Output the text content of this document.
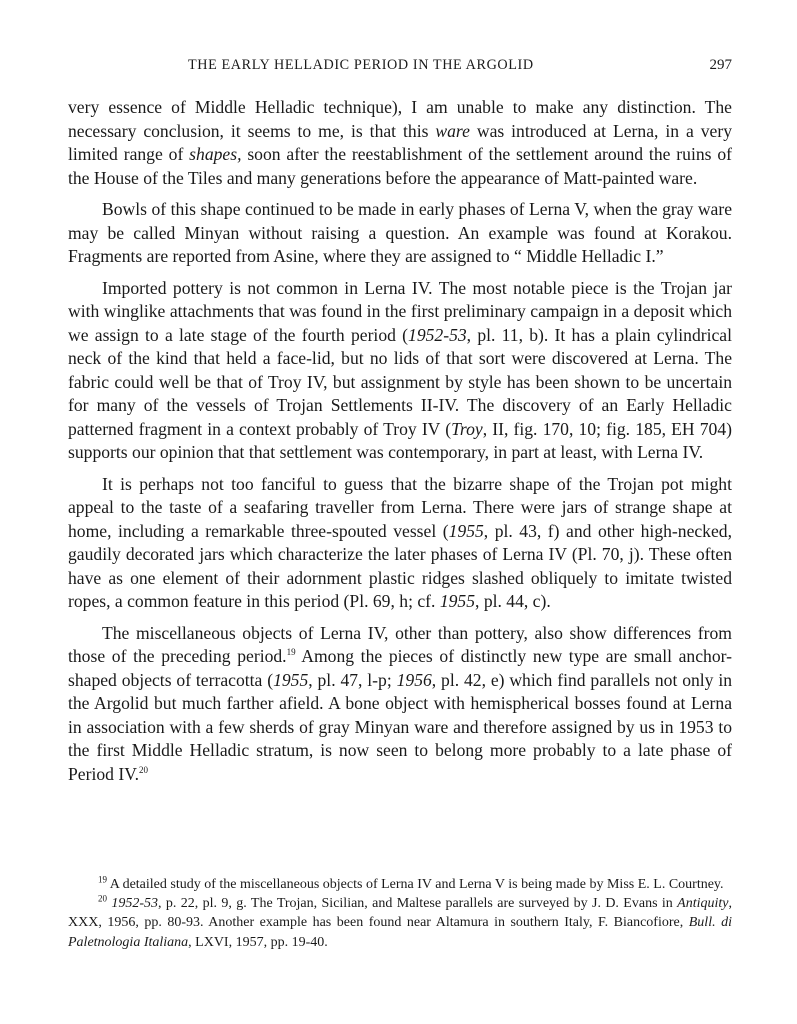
THE EARLY HELLADIC PERIOD IN THE ARGOLID	297

very essence of Middle Helladic technique), I am unable to make any distinction. The necessary conclusion, it seems to me, is that this ware was introduced at Lerna, in a very limited range of shapes, soon after the reestablishment of the settlement around the ruins of the House of the Tiles and many generations before the appearance of Matt-painted ware.

Bowls of this shape continued to be made in early phases of Lerna V, when the gray ware may be called Minyan without raising a question. An example was found at Korakou. Fragments are reported from Asine, where they are assigned to “ Middle Helladic I.”

Imported pottery is not common in Lerna IV. The most notable piece is the Trojan jar with winglike attachments that was found in the first preliminary campaign in a deposit which we assign to a late stage of the fourth period (1952-53, pl. 11, b). It has a plain cylindrical neck of the kind that held a face-lid, but no lids of that sort were discovered at Lerna. The fabric could well be that of Troy IV, but assignment by style has been shown to be uncertain for many of the vessels of Trojan Settlements II-IV. The discovery of an Early Helladic patterned fragment in a context probably of Troy IV (Troy, II, fig. 170, 10; fig. 185, EH 704) supports our opinion that that settlement was contemporary, in part at least, with Lerna IV.

It is perhaps not too fanciful to guess that the bizarre shape of the Trojan pot might appeal to the taste of a seafaring traveller from Lerna. There were jars of strange shape at home, including a remarkable three-spouted vessel (1955, pl. 43, f) and other high-necked, gaudily decorated jars which characterize the later phases of Lerna IV (Pl. 70, j). These often have as one element of their adornment plastic ridges slashed obliquely to imitate twisted ropes, a common feature in this period (Pl. 69, h; cf. 1955, pl. 44, c).

The miscellaneous objects of Lerna IV, other than pottery, also show differences from those of the preceding period.$^{19}$ Among the pieces of distinctly new type are small anchor-shaped objects of terracotta (1955, pl. 47, l-p; 1956, pl. 42, e) which find parallels not only in the Argolid but much farther afield. A bone object with hemispherical bosses found at Lerna in association with a few sherds of gray Minyan ware and therefore assigned by us in 1953 to the first Middle Helladic stratum, is now seen to belong more probably to a late phase of Period IV.$^{20}$

$^{19}$ A detailed study of the miscellaneous objects of Lerna IV and Lerna V is being made by Miss E. L. Courtney.

$^{20}$ 1952-53, p. 22, pl. 9, g. The Trojan, Sicilian, and Maltese parallels are surveyed by J. D. Evans in Antiquity, XXX, 1956, pp. 80-93. Another example has been found near Altamura in southern Italy, F. Biancofiore, Bull. di Paletnologia Italiana, LXVI, 1957, pp. 19-40.
